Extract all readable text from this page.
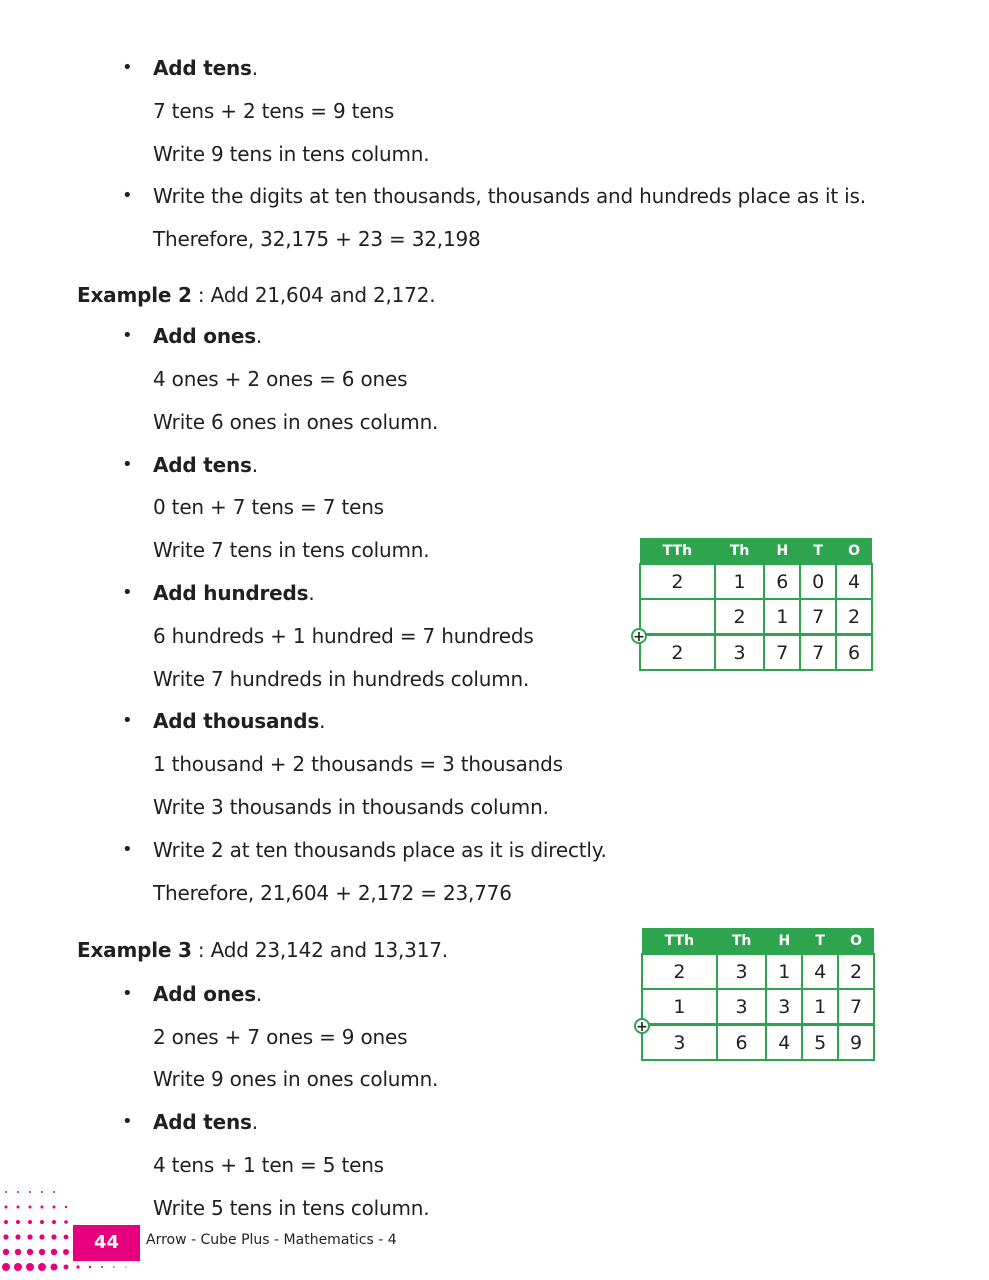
• Add tens.
7 tens + 2 tens = 9 tens
Write 9 tens in tens column.
• Write the digits at ten thousands, thousands and hundreds place as it is.
Therefore, 32,175 + 23 = 32,198
Example 2 : Add 21,604 and 2,172.
• Add ones.
4 ones + 2 ones = 6 ones
Write 6 ones in ones column.
• Add tens.
0 ten + 7 tens = 7 tens
Write 7 tens in tens column.
• Add hundreds.
6 hundreds + 1 hundred = 7 hundreds
Write 7 hundreds in hundreds column.
• Add thousands.
1 thousand + 2 thousands = 3 thousands
Write 3 thousands in thousands column.
• Write 2 at ten thousands place as it is directly.
Therefore, 21,604 + 2,172 = 23,776
TTh	Th	H	T	O
2	1	6	0	4
	2	1	7	2
2	3	7	7	6
+
Example 3 : Add 23,142 and 13,317.
• Add ones.
2 ones + 7 ones = 9 ones
Write 9 ones in ones column.
• Add tens.
4 tens + 1 ten = 5 tens
Write 5 tens in tens column.
TTh	Th	H	T	O
2	3	1	4	2
1	3	3	1	7
3	6	4	5	9
+
44	Arrow - Cube Plus - Mathematics - 4
